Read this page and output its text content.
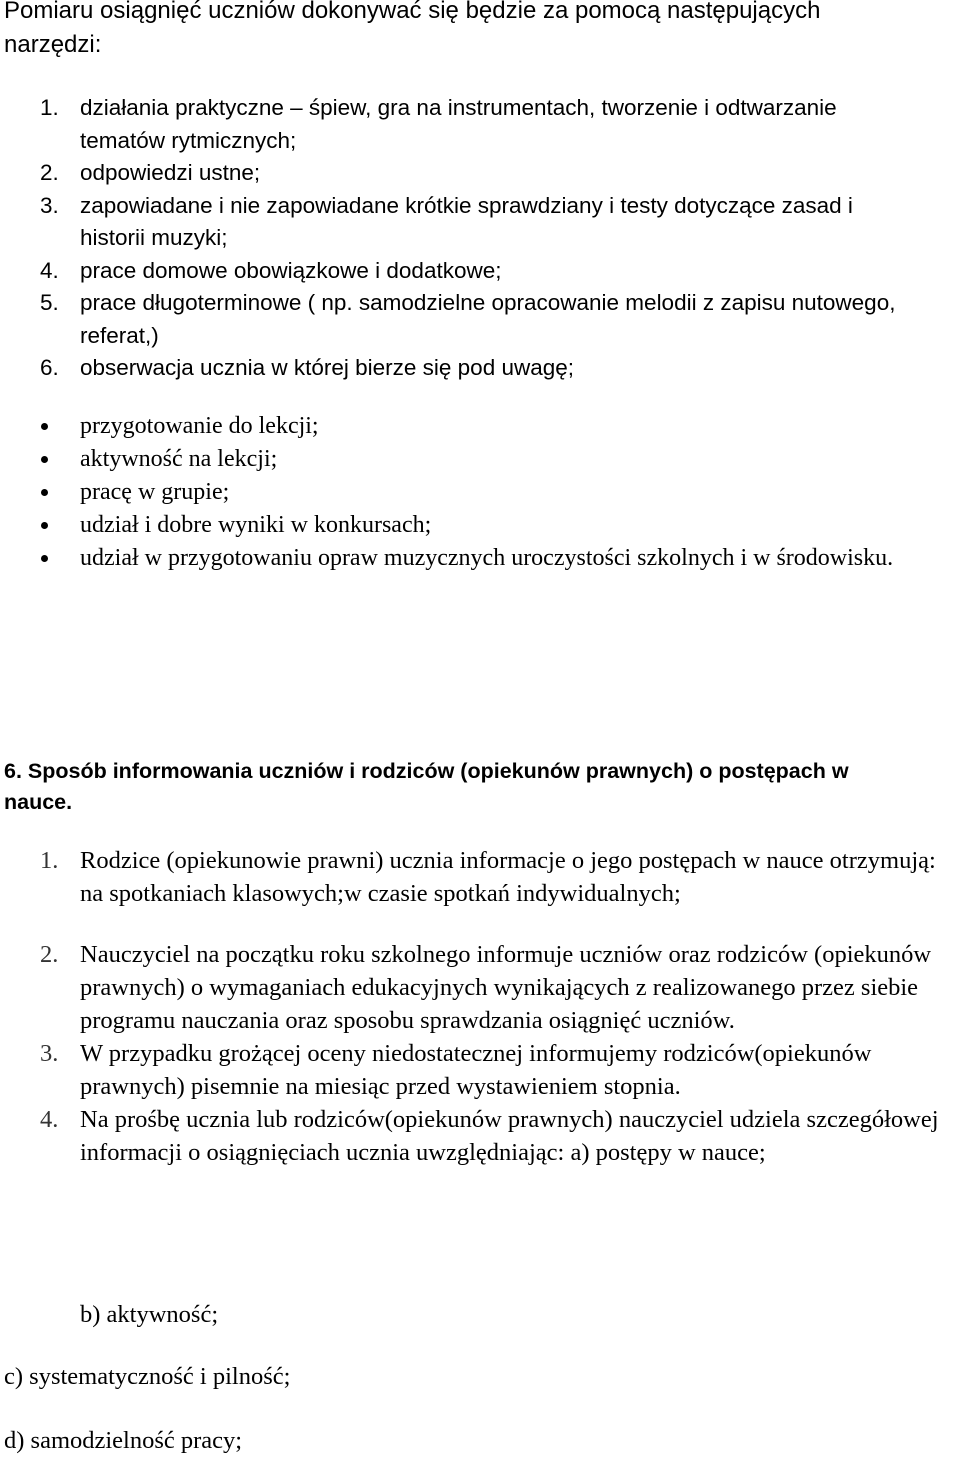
Pomiaru osiągnięć uczniów dokonywać się będzie za pomocą następujących narzędzi:

1. działania praktyczne – śpiew, gra na instrumentach, tworzenie i odtwarzanie tematów rytmicznych;
2. odpowiedzi ustne;
3. zapowiadane i nie zapowiadane krótkie sprawdziany i testy dotyczące zasad i historii muzyki;
4. prace domowe obowiązkowe i dodatkowe;
5. prace długoterminowe ( np. samodzielne opracowanie melodii z zapisu nutowego, referat,)
6. obserwacja ucznia w której bierze się pod uwagę;
przygotowanie do lekcji;
aktywność na lekcji;
pracę w grupie;
udział i dobre wyniki w konkursach;
udział w przygotowaniu opraw muzycznych uroczystości szkolnych i w środowisku.
6. Sposób informowania uczniów i rodziców (opiekunów prawnych) o postępach w nauce.
1. Rodzice (opiekunowie prawni) ucznia informacje o jego postępach w nauce otrzymują: na spotkaniach klasowych;w czasie spotkań indywidualnych;
2. Nauczyciel na początku roku szkolnego informuje uczniów oraz rodziców (opiekunów prawnych) o wymaganiach edukacyjnych wynikających z realizowanego przez siebie programu nauczania oraz sposobu sprawdzania osiągnięć uczniów.
3. W przypadku grożącej oceny niedostatecznej informujemy rodziców(opiekunów prawnych) pisemnie na miesiąc przed wystawieniem stopnia.
4. Na prośbę ucznia lub rodziców(opiekunów prawnych) nauczyciel udziela szczegółowej informacji o osiągnięciach ucznia uwzględniając: a) postępy w nauce;

b) aktywność;

c) systematyczność i pilność;

d) samodzielność pracy;
